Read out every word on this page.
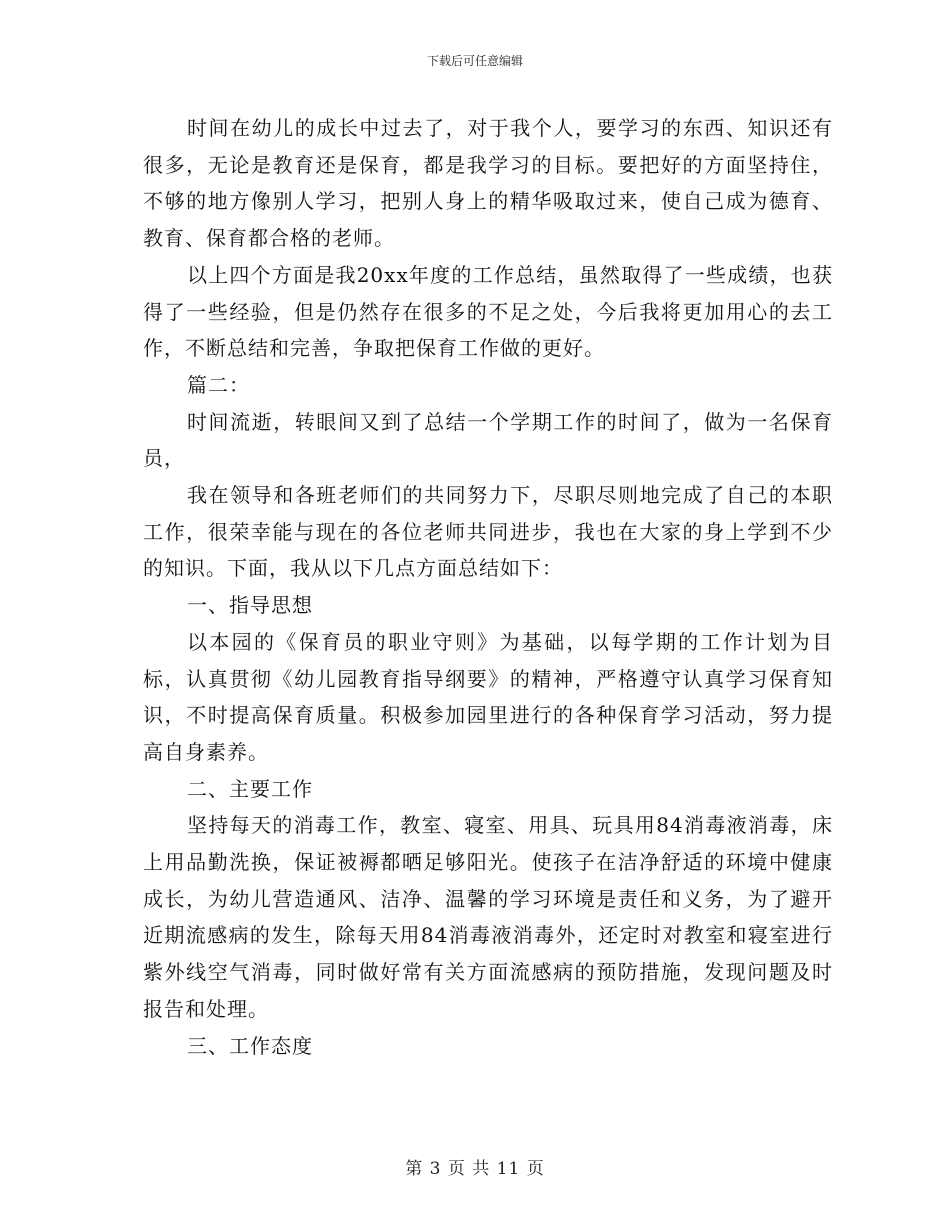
下载后可任意编辑

时间在幼儿的成长中过去了，对于我个人，要学习的东西、知识还有很多，无论是教育还是保育，都是我学习的目标。要把好的方面坚持住，不够的地方像别人学习，把别人身上的精华吸取过来，使自己成为德育、教育、保育都合格的老师。

以上四个方面是我20xx年度的工作总结，虽然取得了一些成绩，也获得了一些经验，但是仍然存在很多的不足之处，今后我将更加用心的去工作，不断总结和完善，争取把保育工作做的更好。

篇二：

时间流逝，转眼间又到了总结一个学期工作的时间了，做为一名保育员，

我在领导和各班老师们的共同努力下，尽职尽则地完成了自己的本职工作，很荣幸能与现在的各位老师共同进步，我也在大家的身上学到不少的知识。下面，我从以下几点方面总结如下：

一、指导思想

以本园的《保育员的职业守则》为基础，以每学期的工作计划为目标，认真贯彻《幼儿园教育指导纲要》的精神，严格遵守认真学习保育知识，不时提高保育质量。积极参加园里进行的各种保育学习活动，努力提高自身素养。

二、主要工作

坚持每天的消毒工作，教室、寝室、用具、玩具用84消毒液消毒，床上用品勤洗换，保证被褥都晒足够阳光。使孩子在洁净舒适的环境中健康成长，为幼儿营造通风、洁净、温馨的学习环境是责任和义务，为了避开近期流感病的发生，除每天用84消毒液消毒外，还定时对教室和寝室进行紫外线空气消毒，同时做好常有关方面流感病的预防措施，发现问题及时报告和处理。

三、工作态度

第 3 页 共 11 页
